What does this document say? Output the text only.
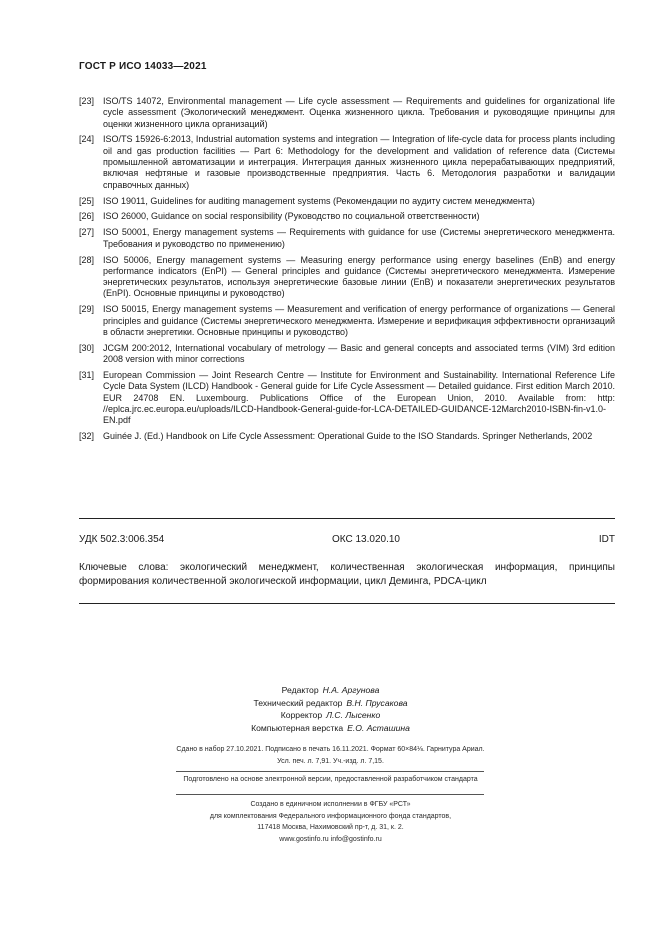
ГОСТ Р ИСО 14033—2021
[23] ISO/TS 14072, Environmental management — Life cycle assessment — Requirements and guidelines for organizational life cycle assessment (Экологический менеджмент. Оценка жизненного цикла. Требования и руководящие принципы для оценки жизненного цикла организаций)
[24] ISO/TS 15926-6:2013, Industrial automation systems and integration — Integration of life-cycle data for process plants including oil and gas production facilities — Part 6: Methodology for the development and validation of reference data (Системы промышленной автоматизации и интеграция. Интеграция данных жизненного цикла перерабатывающих предприятий, включая нефтяные и газовые производственные предприятия. Часть 6. Методология разработки и валидации справочных данных)
[25] ISO 19011, Guidelines for auditing management systems (Рекомендации по аудиту систем менеджмента)
[26] ISO 26000, Guidance on social responsibility (Руководство по социальной ответственности)
[27] ISO 50001, Energy management systems — Requirements with guidance for use (Системы энергетического менеджмента. Требования и руководство по применению)
[28] ISO 50006, Energy management systems — Measuring energy performance using energy baselines (EnB) and energy performance indicators (EnPI) — General principles and guidance (Системы энергетического менеджмента. Измерение энергетических результатов, используя энергетические базовые линии (EnB) и показатели энергетических результатов (EnPI). Основные принципы и руководство)
[29] ISO 50015, Energy management systems — Measurement and verification of energy performance of organizations — General principles and guidance (Системы энергетического менеджмента. Измерение и верификация эффективности организаций в области энергетики. Основные принципы и руководство)
[30] JCGM 200:2012, International vocabulary of metrology — Basic and general concepts and associated terms (VIM) 3rd edition 2008 version with minor corrections
[31] European Commission — Joint Research Centre — Institute for Environment and Sustainability. International Reference Life Cycle Data System (ILCD) Handbook - General guide for Life Cycle Assessment — Detailed guidance. First edition March 2010. EUR 24708 EN. Luxembourg. Publications Office of the European Union, 2010. Available from: http: //eplca.jrc.ec.europa.eu/uploads/ILCD-Handbook-General-guide-for-LCA-DETAILED-GUIDANCE-12March2010-ISBN-fin-v1.0-EN.pdf
[32] Guinée J. (Ed.) Handbook on Life Cycle Assessment: Operational Guide to the ISO Standards. Springer Netherlands, 2002
УДК 502.3:006.354	ОКС 13.020.10	IDT
Ключевые слова: экологический менеджмент, количественная экологическая информация, принципы формирования количественной экологической информации, цикл Деминга, PDCA-цикл
Редактор Н.А. Аргунова
Технический редактор В.Н. Прусакова
Корректор Л.С. Лысенко
Компьютерная верстка Е.О. Асташина
Сдано в набор 27.10.2021. Подписано в печать 16.11.2021. Формат 60×84⅛. Гарнитура Ариал.
Усл. печ. л. 7,91. Уч.-изд. л. 7,15.
Подготовлено на основе электронной версии, предоставленной разработчиком стандарта
Создано в единичном исполнении в ФГБУ «РСТ»
для комплектования Федерального информационного фонда стандартов,
117418 Москва, Нахимовский пр-т, д. 31, к. 2.
www.gostinfo.ru info@gostinfo.ru
